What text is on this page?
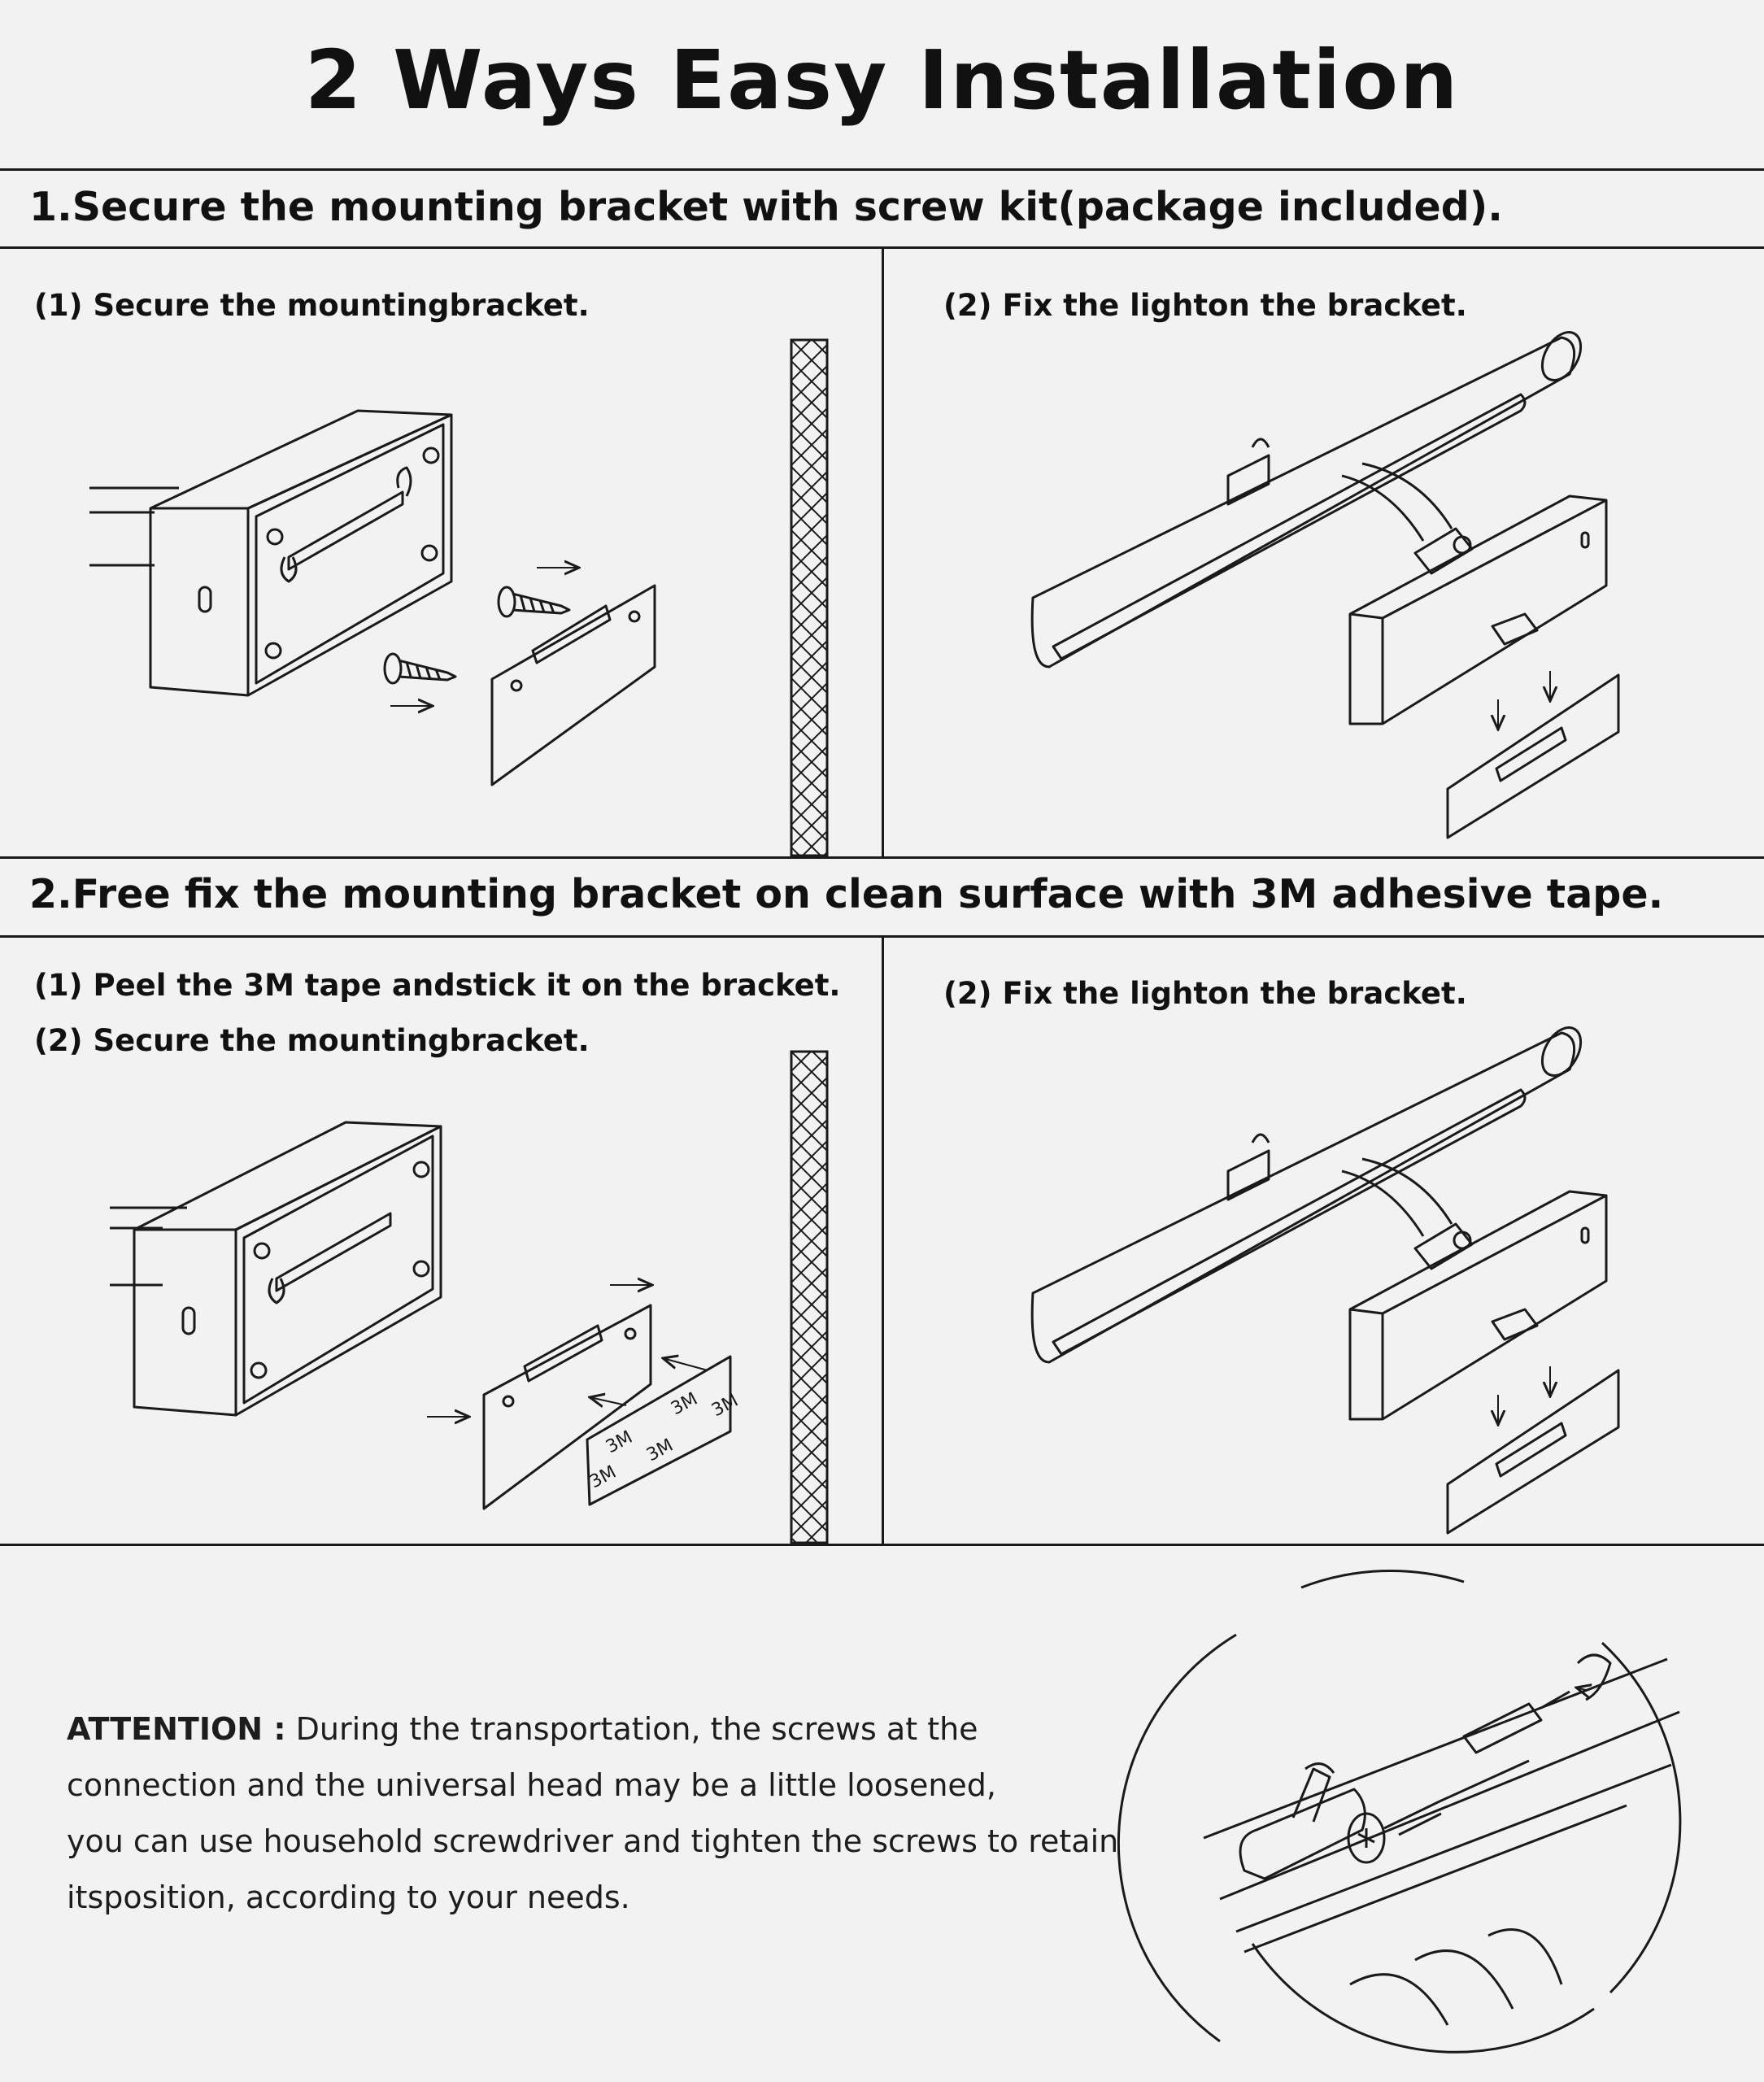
2 Ways Easy Installation
1.Secure the mounting bracket with screw kit(package included).
2.Free fix the mounting bracket on clean surface with 3M adhesive tape.
(1) Secure the mountingbracket.	(2) Fix the lighton the bracket.
(1) Peel the 3M tape andstick it on the bracket.
(2) Secure the mountingbracket.
(2) Fix the lighton the bracket.
3M 3M
3M
3M
3M
ATTENTION : During the transportation, the screws at the
connection and the universal head may be a little loosened,
you can use household screwdriver and tighten the screws to retain
itsposition, according to your needs.
